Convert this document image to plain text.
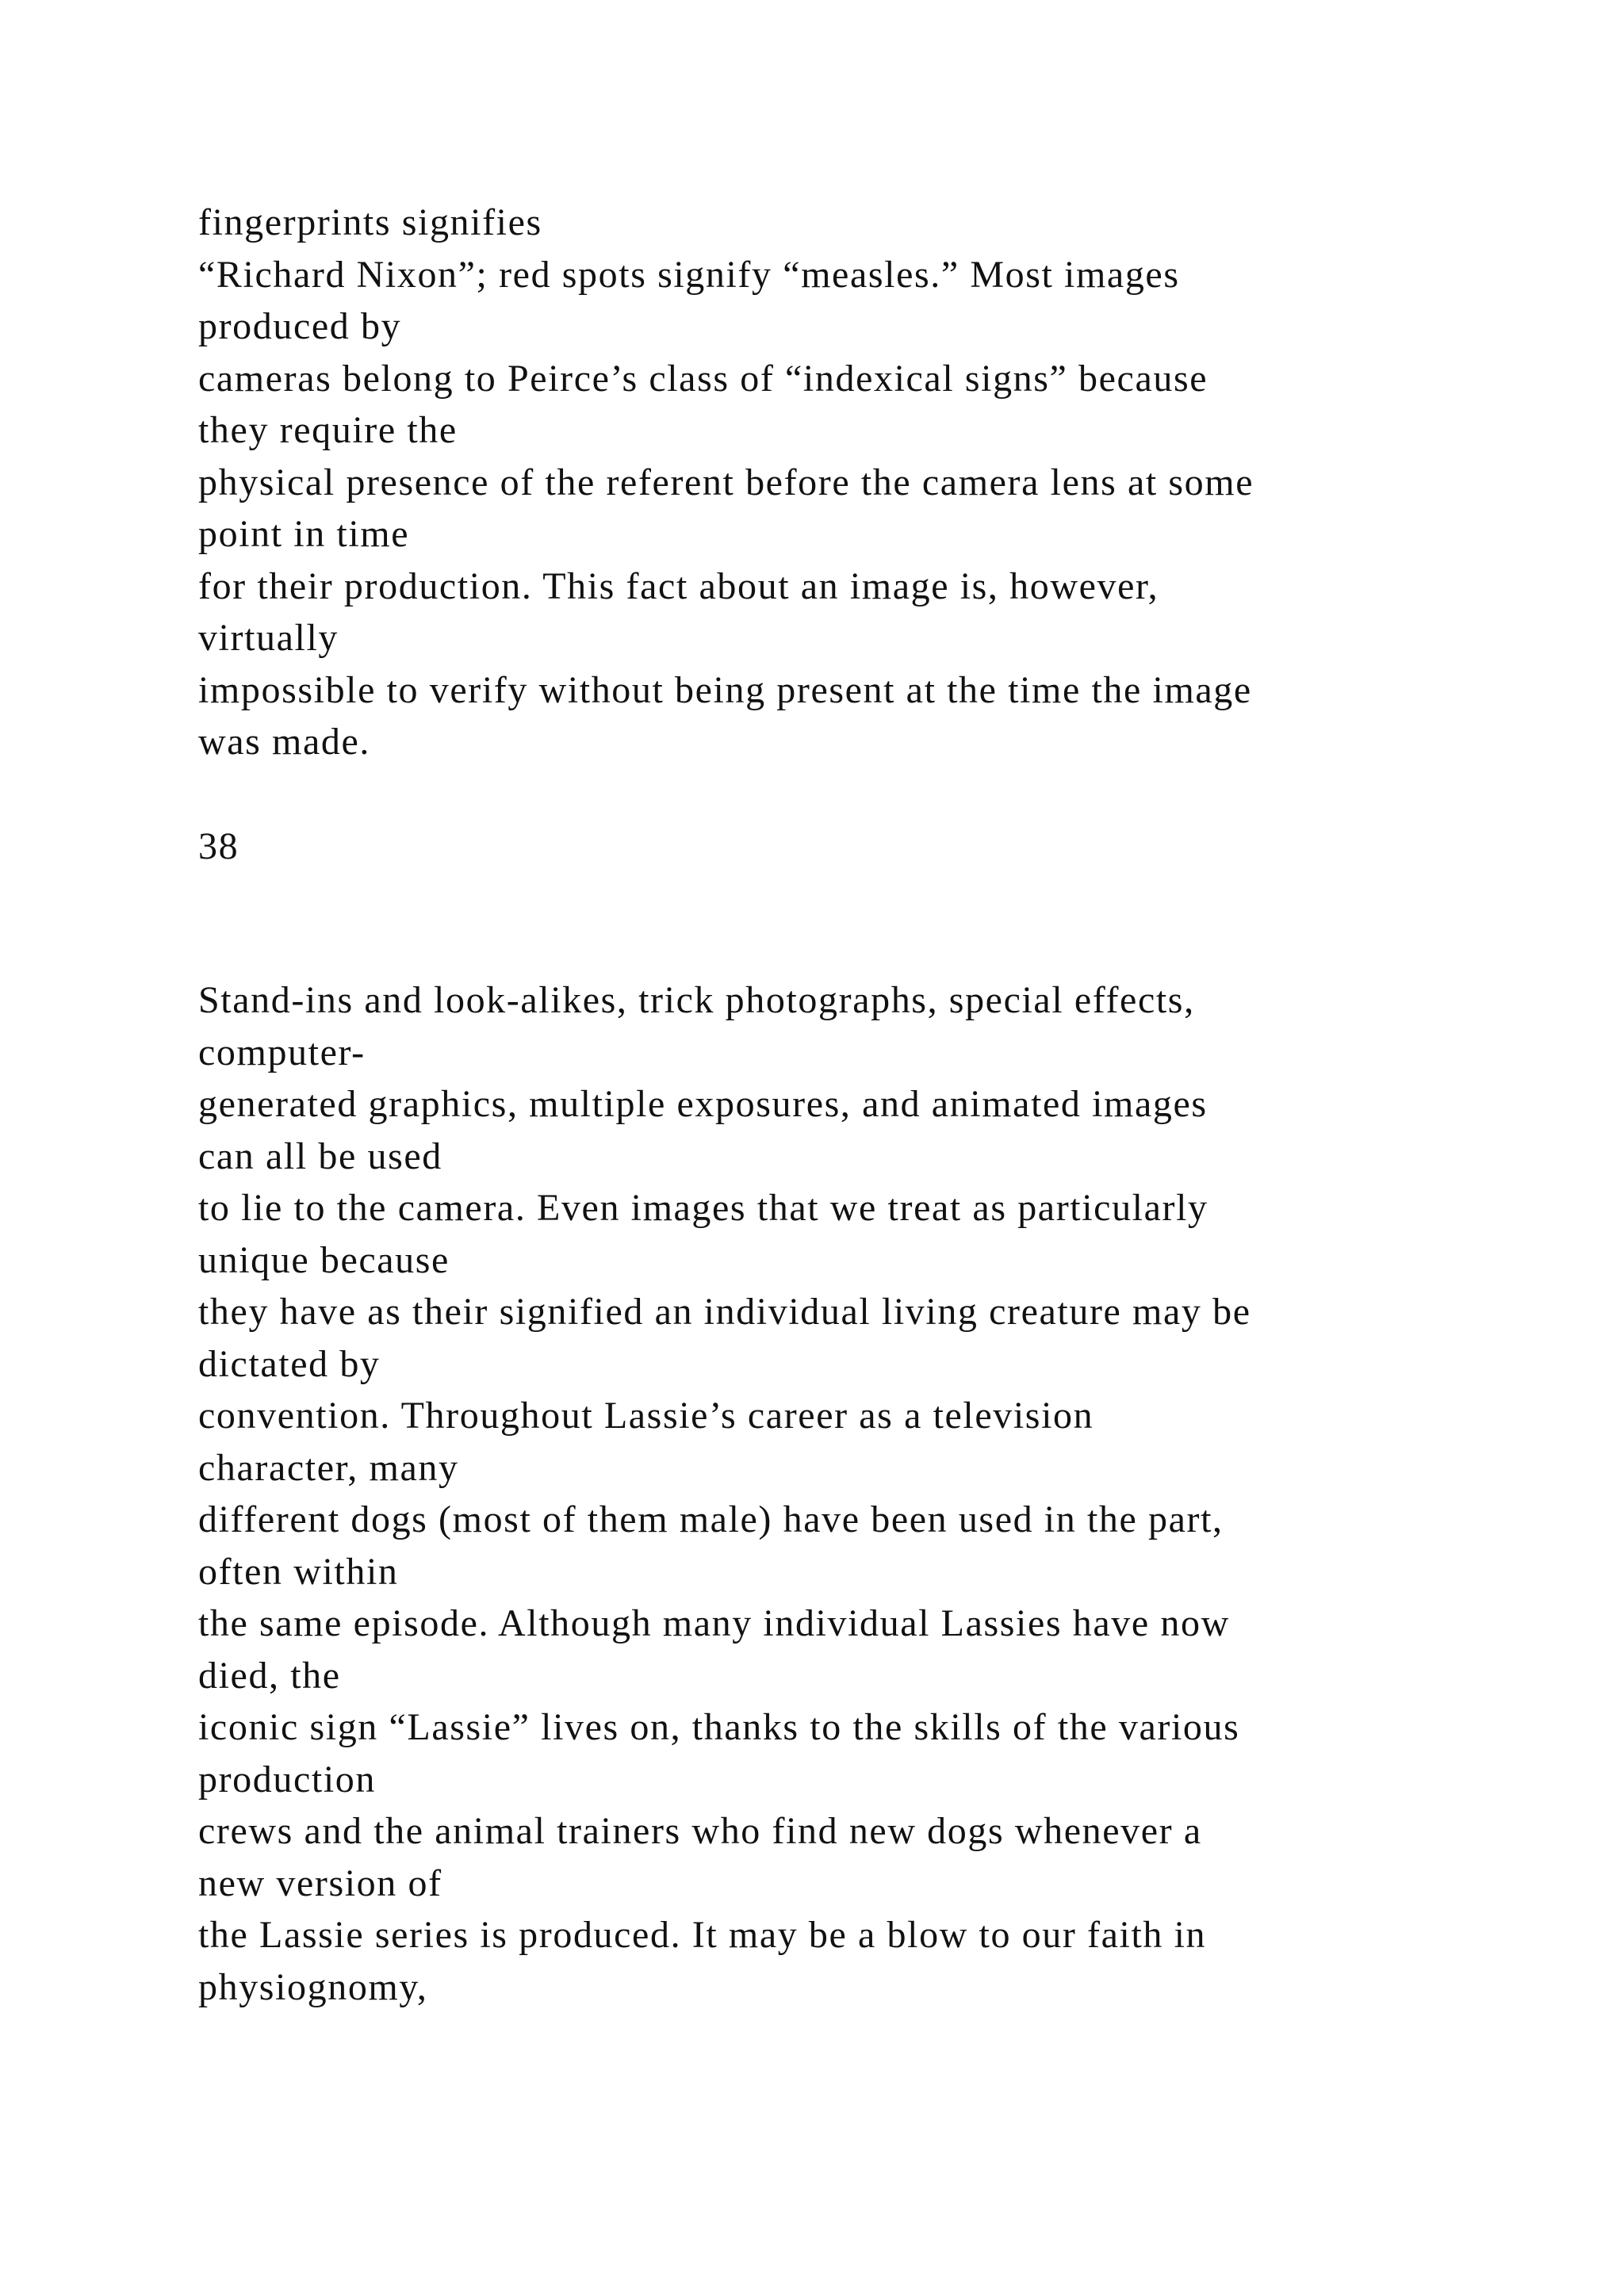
fingerprints signifies
“Richard Nixon”; red spots signify “measles.” Most images
produced by
cameras belong to Peirce’s class of “indexical signs” because
they require the
physical presence of the referent before the camera lens at some
point in time
for their production. This fact about an image is, however,
virtually
impossible to verify without being present at the time the image
was made.
38
Stand-ins and look-alikes, trick photographs, special effects,
computer-
generated graphics, multiple exposures, and animated images
can all be used
to lie to the camera. Even images that we treat as particularly
unique because
they have as their signified an individual living creature may be
dictated by
convention. Throughout Lassie’s career as a television
character, many
different dogs (most of them male) have been used in the part,
often within
the same episode. Although many individual Lassies have now
died, the
iconic sign “Lassie” lives on, thanks to the skills of the various
production
crews and the animal trainers who find new dogs whenever a
new version of
the Lassie series is produced. It may be a blow to our faith in
physiognomy,
